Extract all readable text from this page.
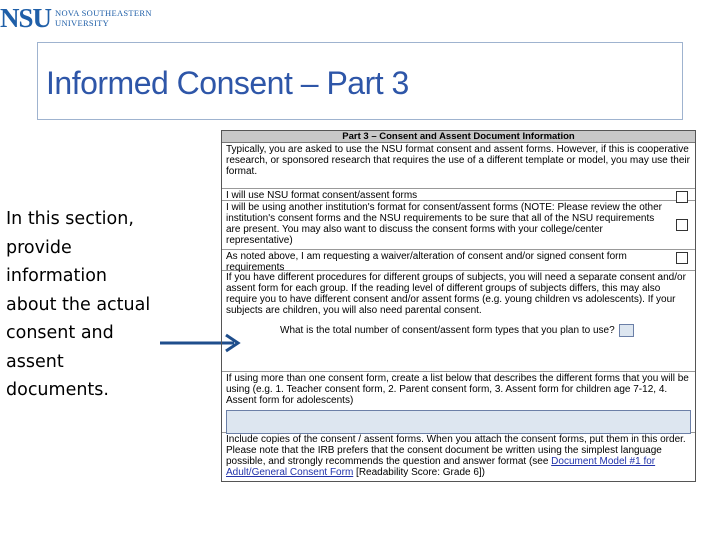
NSU NOVA SOUTHEASTERN
UNIVERSITY
Informed Consent – Part 3
In this section, provide information about the actual consent and assent documents.
Part 3 – Consent and Assent Document Information
Typically, you are asked to use the NSU format consent and assent forms. However, if this is cooperative research, or sponsored research that requires the use of a different template or model, you may use their format.
I will use NSU format consent/assent forms
I will be using another institution's format for consent/assent forms (NOTE: Please review the other institution's consent forms and the NSU requirements to be sure that all of the NSU requirements are present. You may also want to discuss the consent forms with your college/center representative)
As noted above, I am requesting a waiver/alteration of consent and/or signed consent form requirements
If you have different procedures for different groups of subjects, you will need a separate consent and/or assent form for each group. If the reading level of different groups of subjects differs, this may also require you to have different consent and/or assent forms (e.g. young children vs adolescents). If your subjects are children, you will also need parental consent.
What is the total number of consent/assent form types that you plan to use?
If using more than one consent form, create a list below that describes the different forms that you will be using (e.g. 1. Teacher consent form, 2. Parent consent form, 3. Assent form for children age 7-12, 4. Assent form for adolescents)
Include copies of the consent / assent forms. When you attach the consent forms, put them in this order. Please note that the IRB prefers that the consent document be written using the simplest language possible, and strongly recommends the question and answer format (see Document Model #1 for Adult/General Consent Form [Readability Score: Grade 6])
